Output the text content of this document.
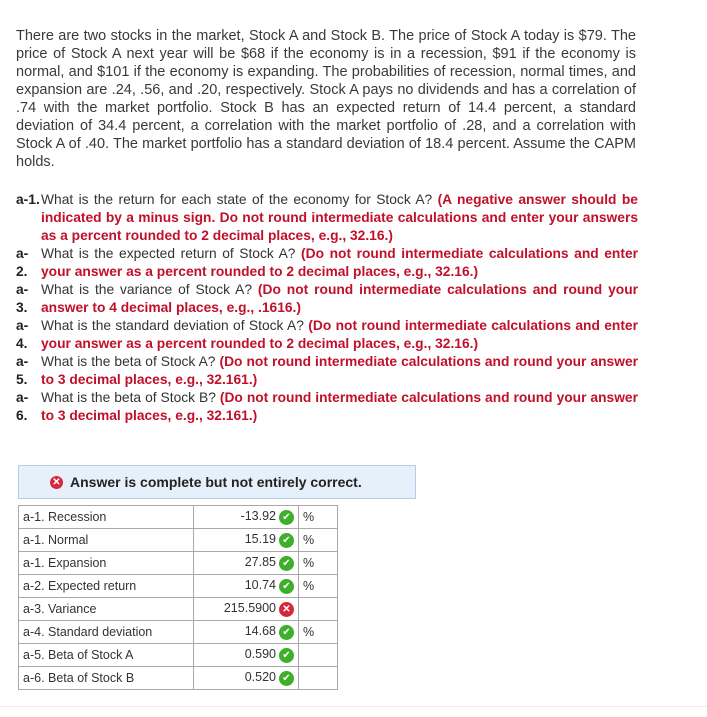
There are two stocks in the market, Stock A and Stock B. The price of Stock A today is $79. The price of Stock A next year will be $68 if the economy is in a recession, $91 if the economy is normal, and $101 if the economy is expanding. The probabilities of recession, normal times, and expansion are .24, .56, and .20, respectively. Stock A pays no dividends and has a correlation of .74 with the market portfolio. Stock B has an expected return of 14.4 percent, a standard deviation of 34.4 percent, a correlation with the market portfolio of .28, and a correlation with Stock A of .40. The market portfolio has a standard deviation of 18.4 percent. Assume the CAPM holds.
a-1. What is the return for each state of the economy for Stock A? (A negative answer should be indicated by a minus sign. Do not round intermediate calculations and enter your answers as a percent rounded to 2 decimal places, e.g., 32.16.)
a-
2.
What is the expected return of Stock A? (Do not round intermediate calculations and enter your answer as a percent rounded to 2 decimal places, e.g., 32.16.)
a-
3.
What is the variance of Stock A? (Do not round intermediate calculations and round your answer to 4 decimal places, e.g., .1616.)
a-
4.
What is the standard deviation of Stock A? (Do not round intermediate calculations and enter your answer as a percent rounded to 2 decimal places, e.g., 32.16.)
a-
5.
What is the beta of Stock A? (Do not round intermediate calculations and round your answer to 3 decimal places, e.g., 32.161.)
a-
6.
What is the beta of Stock B? (Do not round intermediate calculations and round your answer to 3 decimal places, e.g., 32.161.)
✕ Answer is complete but not entirely correct.
a-1. Recession	-13.92 ✔	%
a-1. Normal	15.19 ✔	%
a-1. Expansion	27.85 ✔	%
a-2. Expected return	10.74 ✔	%
a-3. Variance	215.5900 ✕	
a-4. Standard deviation	14.68 ✔	%
a-5. Beta of Stock A	0.590 ✔	
a-6. Beta of Stock B	0.520 ✔	
